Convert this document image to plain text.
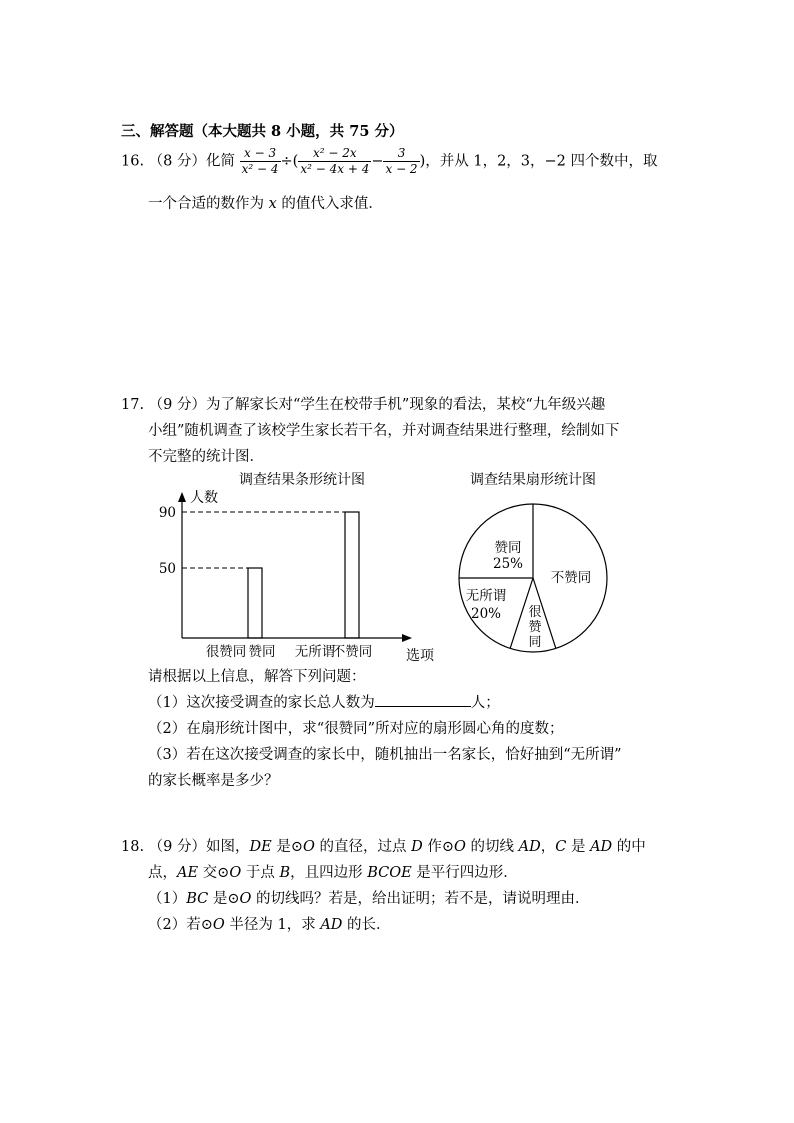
三、解答题（本大题共 8 小题，共 75 分）
16. （8 分）化简 $\frac{x - 3}{\text{x² − 4}}$ ÷( $\frac{\text{x² − 2x}}{\text{x² − 4x + 4}} - \frac{3}{x - 2}$ )，并从 1，2，3，−2 四个数中，取
一个合适的数作为 x 的值代入求值．
17. （9 分）为了解家长对“学生在校带手机”现象的看法，某校“九年级兴趣
小组”随机调查了该校学生家长若干名，并对调查结果进行整理，绘制如下
不完整的统计图．
调查结果条形统计图
人数
选项
很赞同 赞同
50
无所谓
不赞同
90
调查结果扇形统计图
不赞同
很
赞
同
无所谓
20%
赞同
25%
请根据以上信息，解答下列问题：
（1）这次接受调查的家长总人数为	人；
（2）在扇形统计图中，求“很赞同”所对应的扇形圆心角的度数；
（3）若在这次接受调查的家长中，随机抽出一名家长，恰好抽到“无所谓”
的家长概率是多少？
18. （9 分）如图，DE 是⊙O 的直径，过点 D 作⊙O 的切线 AD，C 是 AD 的中
点，AE 交⊙O 于点 B，且四边形 BCOE 是平行四边形．
（1）BC 是⊙O 的切线吗？若是，给出证明；若不是，请说明理由．
（2）若⊙O 半径为 1，求 AD 的长．
